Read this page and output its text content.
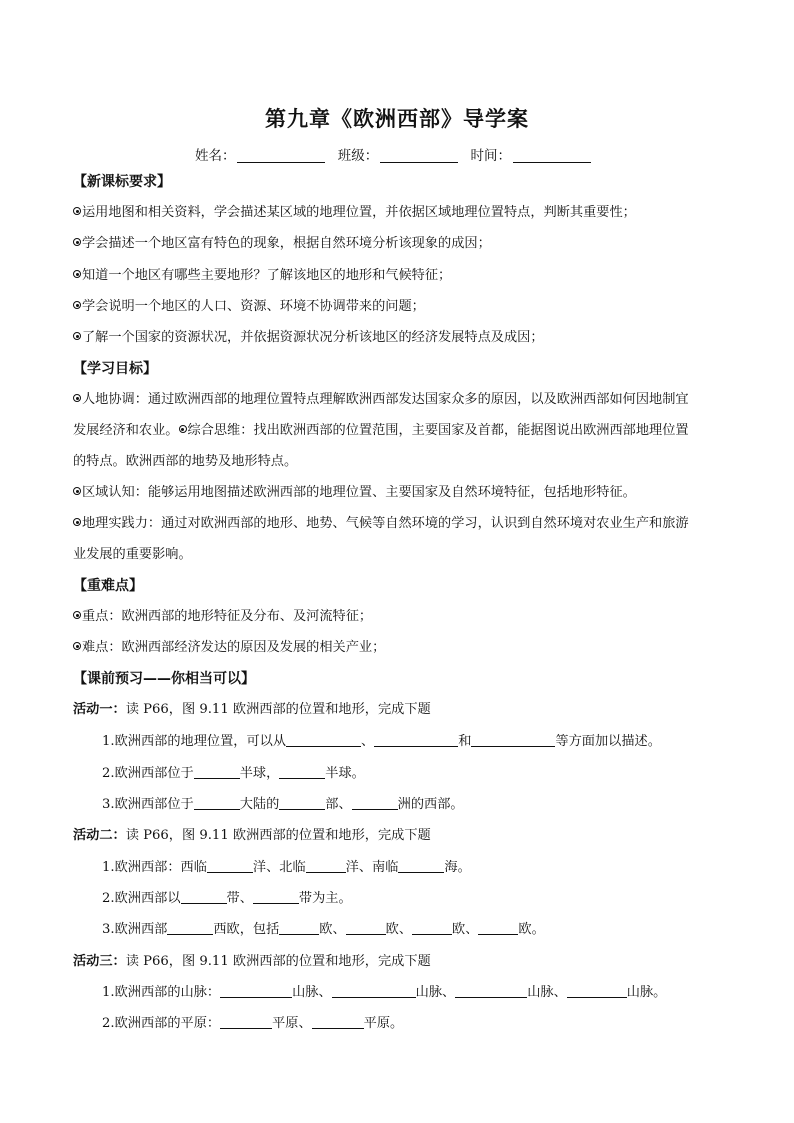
第九章《欧洲西部》导学案
姓名：	班级：	时间：
【新课标要求】
运用地图和相关资料，学会描述某区域的地理位置，并依据区域地理位置特点，判断其重要性；
学会描述一个地区富有特色的现象，根据自然环境分析该现象的成因；
知道一个地区有哪些主要地形？了解该地区的地形和气候特征；
学会说明一个地区的人口、资源、环境不协调带来的问题；
了解一个国家的资源状况，并依据资源状况分析该地区的经济发展特点及成因；
【学习目标】
人地协调：通过欧洲西部的地理位置特点理解欧洲西部发达国家众多的原因，以及欧洲西部如何因地制宜
发展经济和农业。 综合思维：找出欧洲西部的位置范围，主要国家及首都，能据图说出欧洲西部地理位置
的特点。欧洲西部的地势及地形特点。
区域认知：能够运用地图描述欧洲西部的地理位置、主要国家及自然环境特征，包括地形特征。
地理实践力：通过对欧洲西部的地形、地势、气候等自然环境的学习，认识到自然环境对农业生产和旅游
业发展的重要影响。
【重难点】
重点：欧洲西部的地形特征及分布、及河流特征；
难点：欧洲西部经济发达的原因及发展的相关产业；
【课前预习——你相当可以】
活动一：读 P66，图 9.11 欧洲西部的位置和地形，完成下题
1.欧洲西部的地理位置，可以从	、	和	等方面加以描述。
2.欧洲西部位于	半球，	半球。
3.欧洲西部位于	大陆的	部、	洲的西部。
活动二：读 P66，图 9.11 欧洲西部的位置和地形，完成下题
1.欧洲西部：西临	洋、北临	洋、南临	海。
2.欧洲西部以	带、	带为主。
3.欧洲西部	西欧，包括	欧、	欧、	欧、	欧。
活动三：读 P66，图 9.11 欧洲西部的位置和地形，完成下题
1.欧洲西部的山脉：	山脉、	山脉、	山脉、	山脉。
2.欧洲西部的平原：	平原、	平原。
